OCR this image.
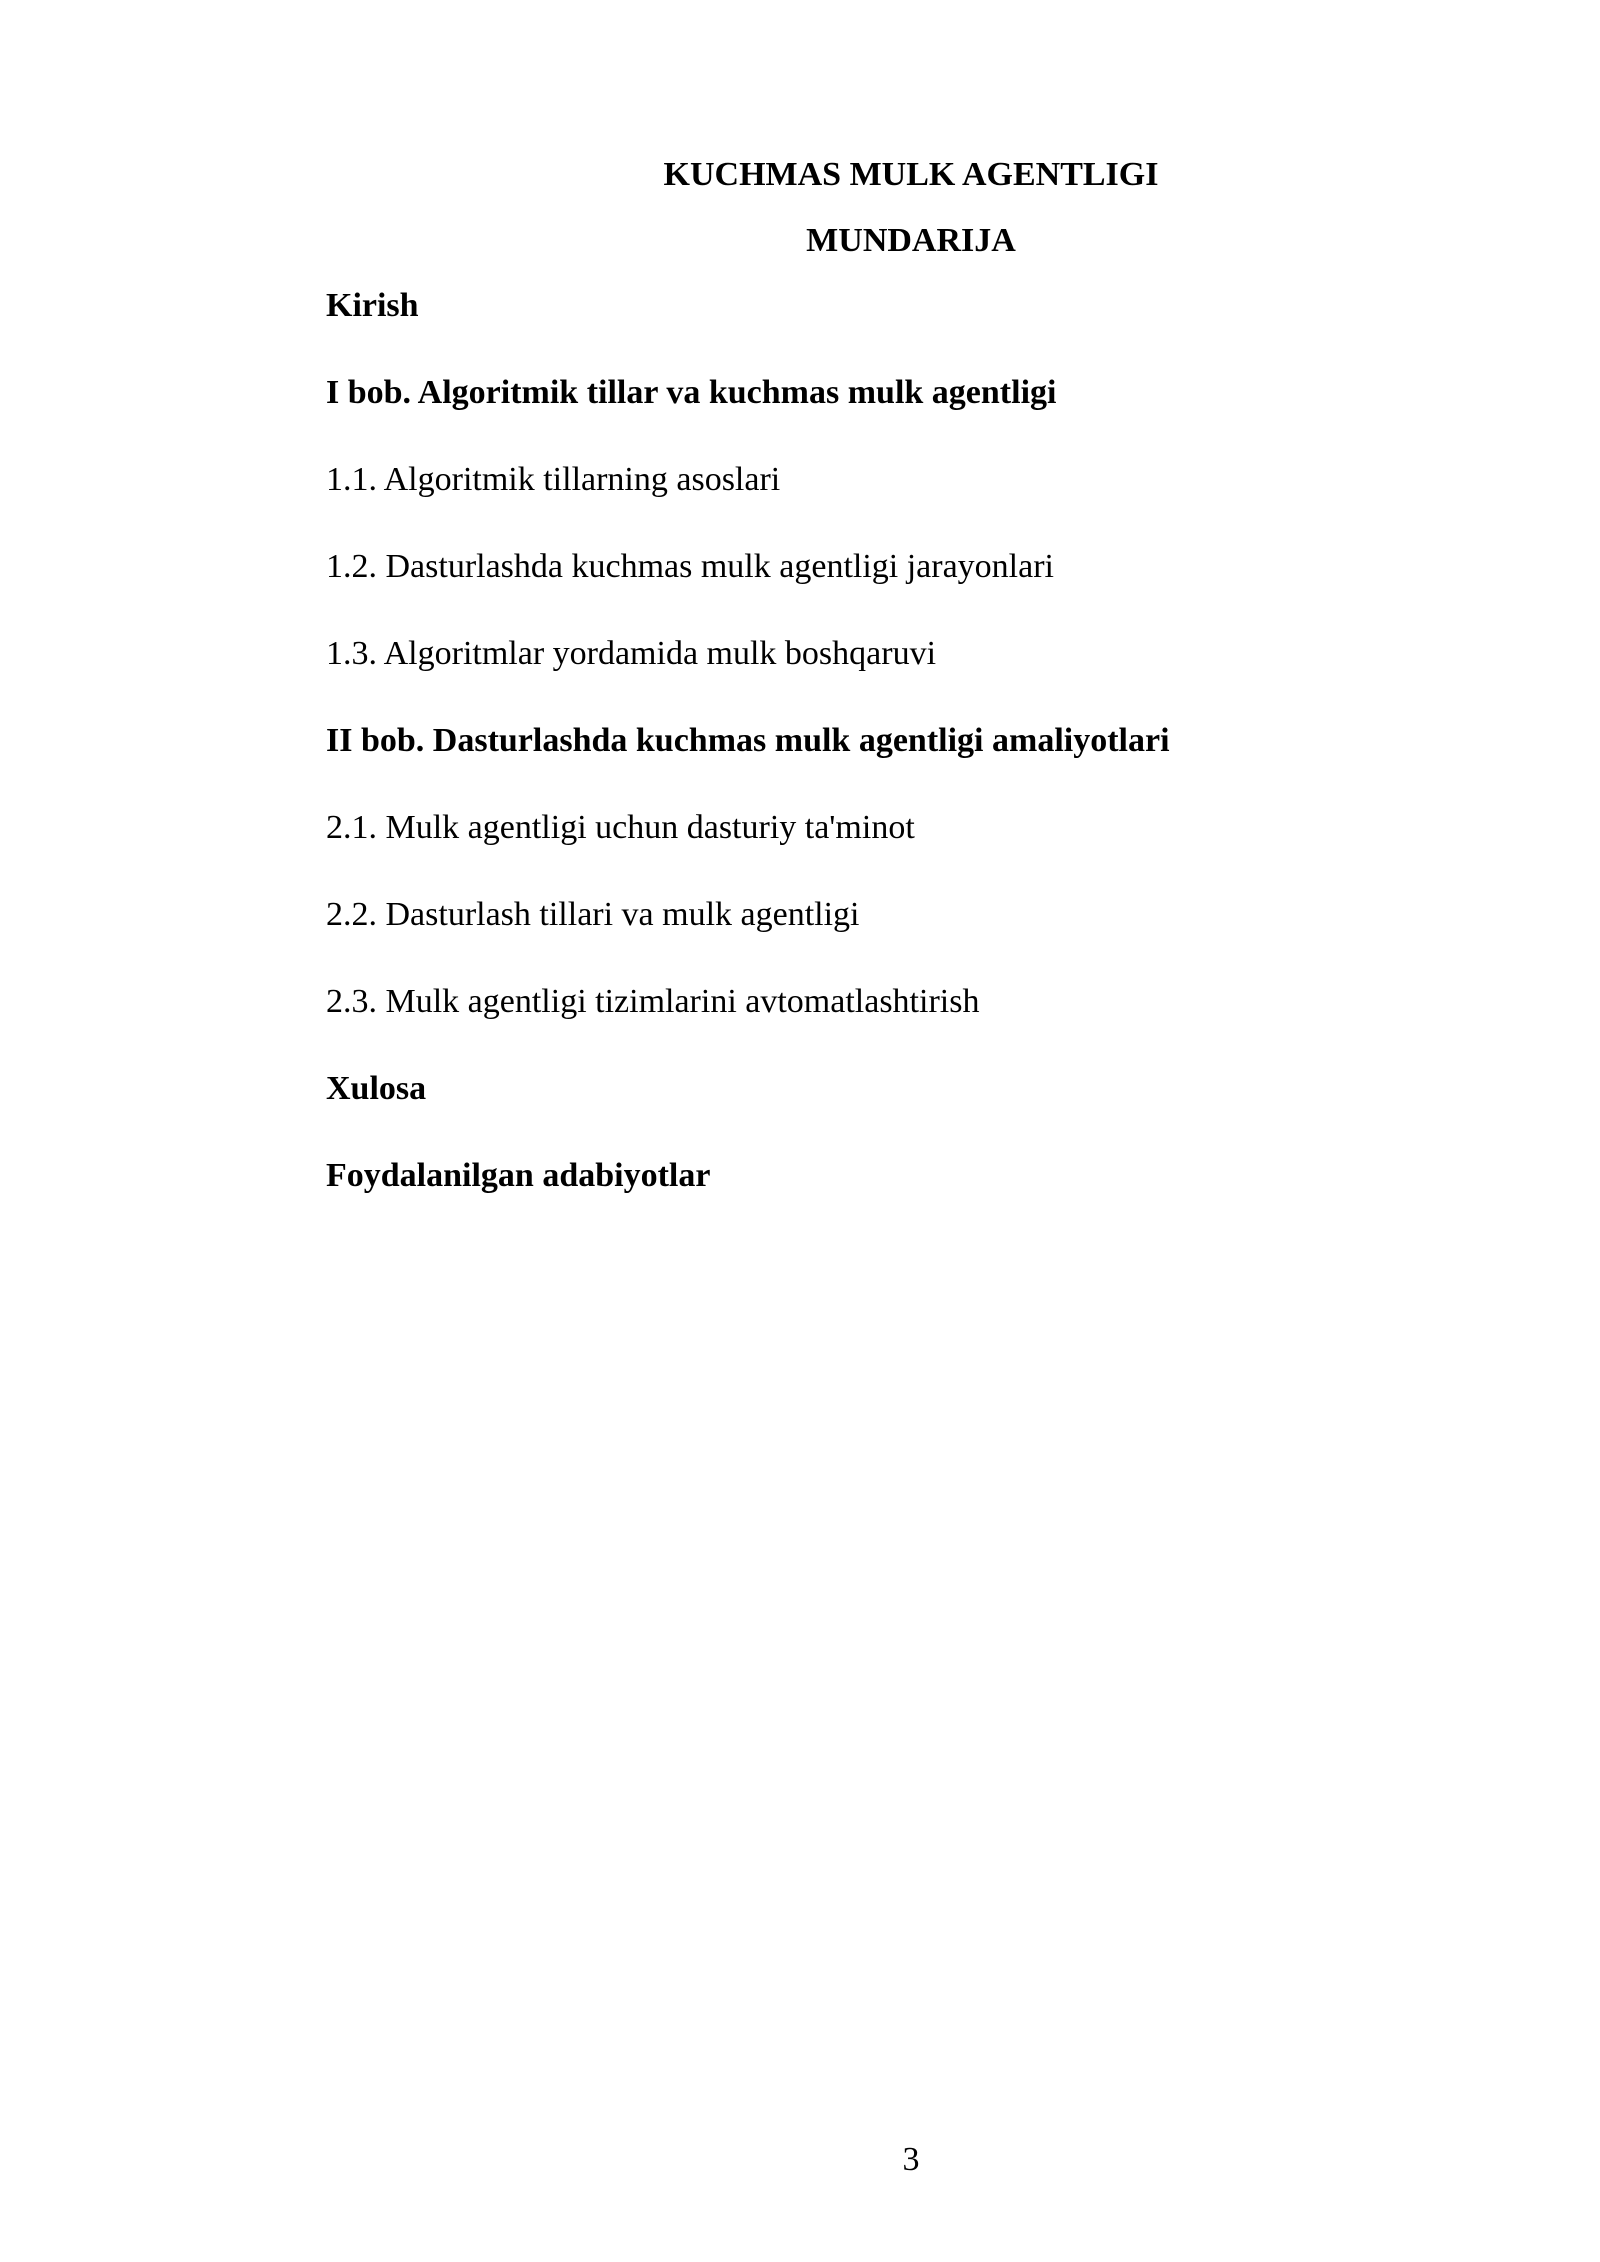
KUCHMAS MULK AGENTLIGI
MUNDARIJA
Kirish
I bob. Algoritmik tillar va kuchmas mulk agentligi
1.1. Algoritmik tillarning asoslari
1.2. Dasturlashda kuchmas mulk agentligi jarayonlari
1.3. Algoritmlar yordamida mulk boshqaruvi
II bob. Dasturlashda kuchmas mulk agentligi amaliyotlari
2.1. Mulk agentligi uchun dasturiy ta'minot
2.2. Dasturlash tillari va mulk agentligi
2.3. Mulk agentligi tizimlarini avtomatlashtirish
Xulosa
Foydalanilgan adabiyotlar
3
